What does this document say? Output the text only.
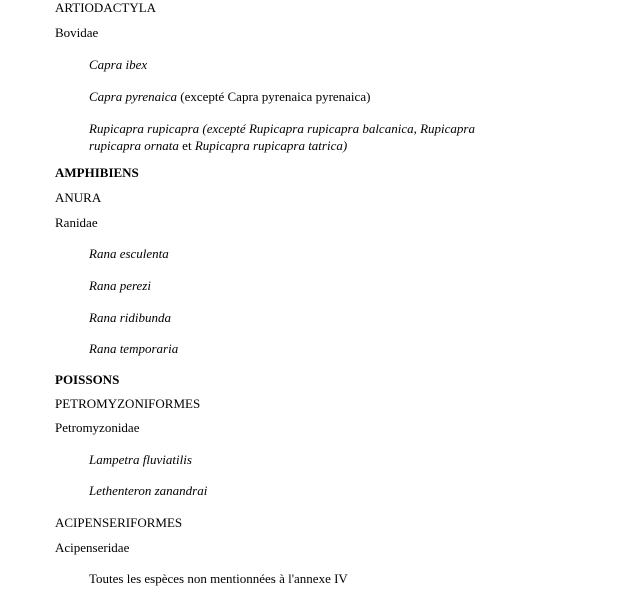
ARTIODACTYLA
Bovidae
Capra ibex
Capra pyrenaica (excepté Capra pyrenaica pyrenaica)
Rupicapra rupicapra (excepté Rupicapra rupicapra balcanica, Rupicapra rupicapra ornata et Rupicapra rupicapra tatrica)
AMPHIBIENS
ANURA
Ranidae
Rana esculenta
Rana perezi
Rana ridibunda
Rana temporaria
POISSONS
PETROMYZONIFORMES
Petromyzonidae
Lampetra fluviatilis
Lethenteron zanandrai
ACIPENSERIFORMES
Acipenseridae
Toutes les espèces non mentionnées à l'annexe IV
